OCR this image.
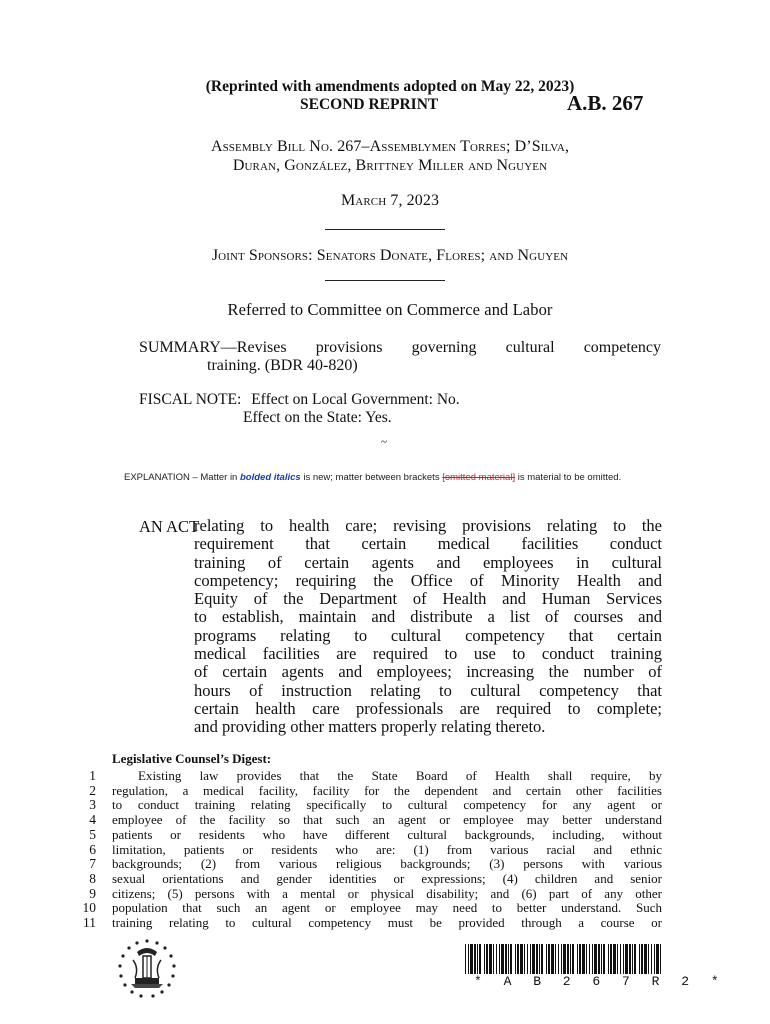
(Reprinted with amendments adopted on May 22, 2023)
SECOND REPRINT	A.B. 267
Assembly Bill No. 267–Assemblymen Torres; D’Silva,
Duran, González, Brittney Miller and Nguyen
March 7, 2023
Joint Sponsors: Senators Donate, Flores; and Nguyen
Referred to Committee on Commerce and Labor
SUMMARY—Revises provisions governing cultural competency
training. (BDR 40-820)
FISCAL NOTE: Effect on Local Government: No.
Effect on the State: Yes.
~
EXPLANATION – Matter in bolded italics is new; matter between brackets [omitted material] is material to be omitted.
AN ACT
relating to health care; revising provisions relating to the
requirement that certain medical facilities conduct
training of certain agents and employees in cultural
competency; requiring the Office of Minority Health and
Equity of the Department of Health and Human Services
to establish, maintain and distribute a list of courses and
programs relating to cultural competency that certain
medical facilities are required to use to conduct training
of certain agents and employees; increasing the number of
hours of instruction relating to cultural competency that
certain health care professionals are required to complete;
and providing other matters properly relating thereto.
Legislative Counsel’s Digest:
1
2
3
4
5
6
7
8
9
10
11
Existing law provides that the State Board of Health shall require, by
regulation, a medical facility, facility for the dependent and certain other facilities
to conduct training relating specifically to cultural competency for any agent or
employee of the facility so that such an agent or employee may better understand
patients or residents who have different cultural backgrounds, including, without
limitation, patients or residents who are: (1) from various racial and ethnic
backgrounds; (2) from various religious backgrounds; (3) persons with various
sexual orientations and gender identities or expressions; (4) children and senior
citizens; (5) persons with a mental or physical disability; and (6) part of any other
population that such an agent or employee may need to better understand. Such
training relating to cultural competency must be provided through a course or
* A B 2 6 7 R 2 *
